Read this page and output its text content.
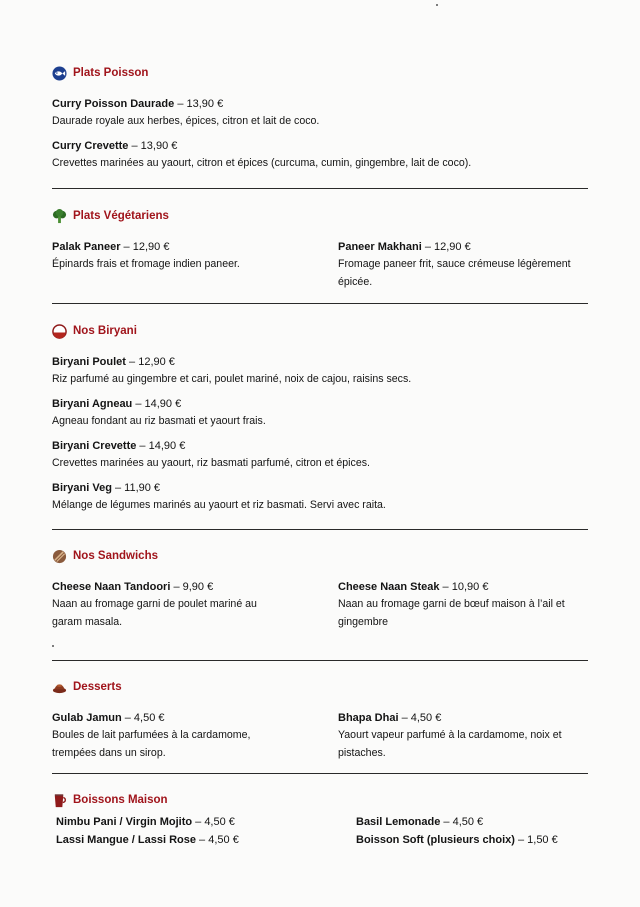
Plats Poisson
Curry Poisson Daurade – 13,90 €
Daurade royale aux herbes, épices, citron et lait de coco.
Curry Crevette – 13,90 €
Crevettes marinées au yaourt, citron et épices (curcuma, cumin, gingembre, lait de coco).
Plats Végétariens
Palak Paneer – 12,90 €
Épinards frais et fromage indien paneer.
Paneer Makhani – 12,90 €
Fromage paneer frit, sauce crémeuse légèrement épicée.
Nos Biryani
Biryani Poulet – 12,90 €
Riz parfumé au gingembre et cari, poulet mariné, noix de cajou, raisins secs.
Biryani Agneau – 14,90 €
Agneau fondant au riz basmati et yaourt frais.
Biryani Crevette – 14,90 €
Crevettes marinées au yaourt, riz basmati parfumé, citron et épices.
Biryani Veg – 11,90 €
Mélange de légumes marinés au yaourt et riz basmati. Servi avec raita.
Nos Sandwichs
Cheese Naan Tandoori – 9,90 €
Naan au fromage garni de poulet mariné au garam masala.
Cheese Naan Steak – 10,90 €
Naan au fromage garni de bœuf maison à l’ail et gingembre
Desserts
Gulab Jamun – 4,50 €
Boules de lait parfumées à la cardamome, trempées dans un sirop.
Bhapa Dhai – 4,50 €
Yaourt vapeur parfumé à la cardamome, noix et pistaches.
Boissons Maison
Nimbu Pani / Virgin Mojito – 4,50 €	Basil Lemonade – 4,50 €
Lassi Mangue / Lassi Rose – 4,50 €	Boisson Soft (plusieurs choix) – 1,50 €
